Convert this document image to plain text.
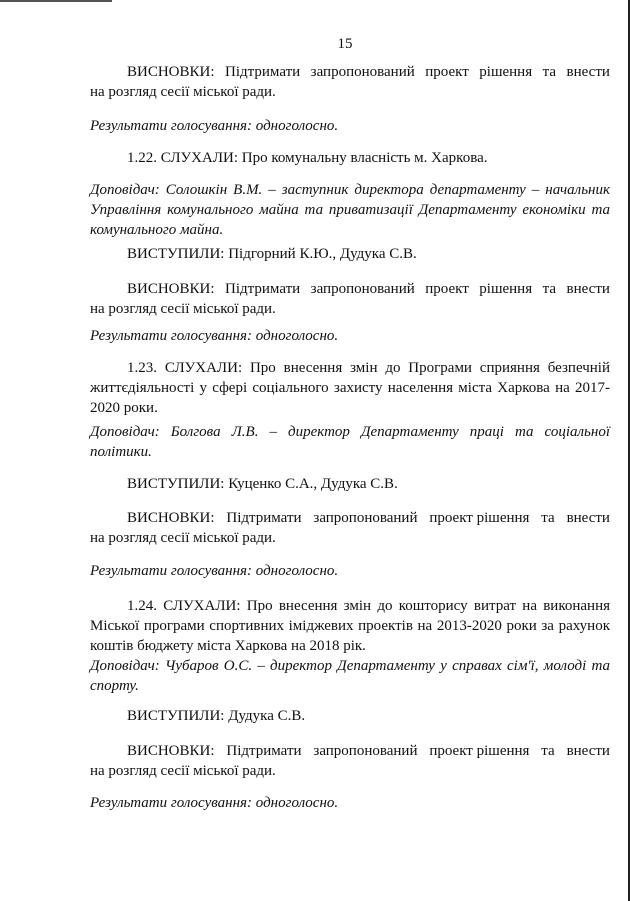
15
ВИСНОВКИ: Підтримати запропонований проект рішення та внести
на розгляд сесії міської ради.
Результати голосування: одноголосно.
1.22. СЛУХАЛИ: Про комунальну власність м. Харкова.
Доповідач: Солошкін В.М. – заступник директора департаменту – начальник Управління комунального майна та приватизації Департаменту економіки та комунального майна.
ВИСТУПИЛИ: Підгорний К.Ю., Дудука С.В.
ВИСНОВКИ: Підтримати запропонований проект рішення та внести
на розгляд сесії міської ради.
Результати голосування: одноголосно.
1.23. СЛУХАЛИ: Про внесення змін до Програми сприяння безпечній життєдіяльності у сфері соціального захисту населення міста Харкова на 2017-2020 роки.
Доповідач: Болгова Л.В. – директор Департаменту праці та соціальної політики.
ВИСТУПИЛИ: Куценко С.А., Дудука С.В.
ВИСНОВКИ: Підтримати запропонований проект рішення та внести
на розгляд сесії міської ради.
Результати голосування: одноголосно.
1.24. СЛУХАЛИ: Про внесення змін до кошторису витрат на виконання Міської програми спортивних іміджевих проектів на 2013-2020 роки за рахунок коштів бюджету міста Харкова на 2018 рік.
Доповідач: Чубаров О.С. – директор Департаменту у справах сім'ї, молоді та спорту.
ВИСТУПИЛИ: Дудука С.В.
ВИСНОВКИ: Підтримати запропонований проект рішення та внести
на розгляд сесії міської ради.
Результати голосування: одноголосно.
